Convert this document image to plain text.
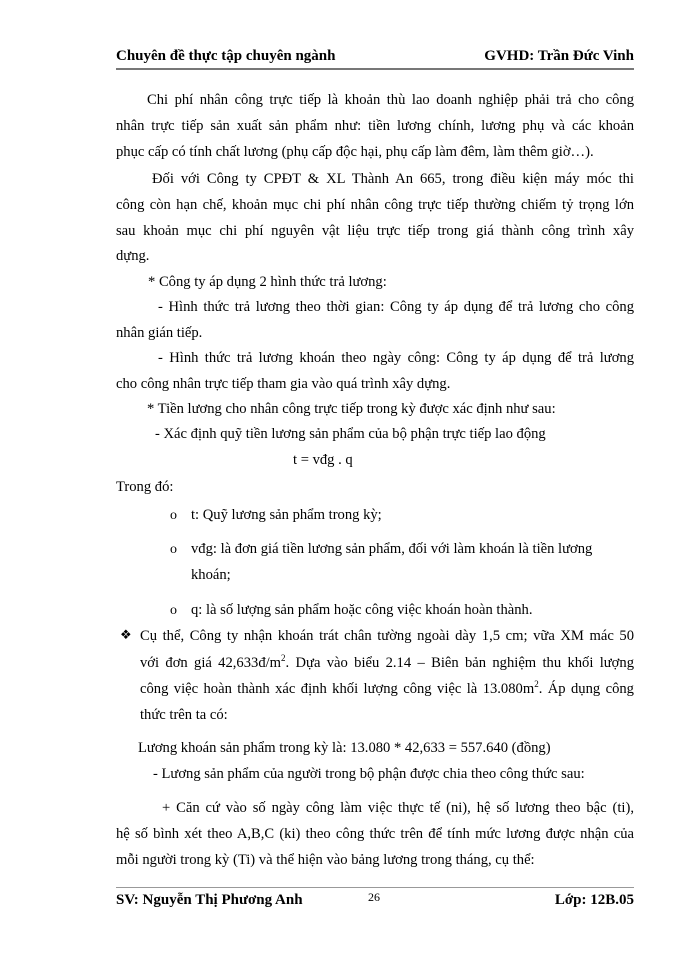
Chuyên đề thực tập chuyên ngành	GVHD: Trần Đức Vinh
Chi phí nhân công trực tiếp là khoản thù lao doanh nghiệp phải trả cho công
nhân trực tiếp sản xuất sản phẩm như: tiền lương chính, lương phụ và các khoản
phục cấp có tính chất lương (phụ cấp độc hại, phụ cấp làm đêm, làm thêm giờ…).
Đối với Công ty CPĐT & XL Thành An 665, trong điều kiện máy móc thi
công còn hạn chế, khoản mục chi phí nhân công trực tiếp thường chiếm tỷ trọng lớn
sau khoản mục chi phí nguyên vật liệu trực tiếp trong giá thành công trình xây
dựng.
* Công ty áp dụng 2 hình thức trả lương:
- Hình thức trả lương theo thời gian: Công ty áp dụng để trả lương cho công
nhân gián tiếp.
- Hình thức trả lương khoán theo ngày công: Công ty áp dụng để trả lương
cho công nhân trực tiếp tham gia vào quá trình xây dựng.
* Tiền lương cho nhân công trực tiếp trong kỳ được xác định như sau:
- Xác định quỹ tiền lương sản phẩm của bộ phận trực tiếp lao động
t = vđg . q
Trong đó:
o t: Quỹ lương sản phẩm trong kỳ;
o vđg: là đơn giá tiền lương sản phẩm, đối với làm khoán là tiền lương
khoán;
o q: là số lượng sản phẩm hoặc công việc khoán hoàn thành.
❖ Cụ thể, Công ty nhận khoán trát chân tường ngoài dày 1,5 cm; vữa XM mác 50
với đơn giá $42,633đ/m^2$. Dựa vào biểu 2.14 – Biên bản nghiệm thu khối lượng
công việc hoàn thành xác định khối lượng công việc là $13.080m^2$. Áp dụng công
thức trên ta có:
Lương khoán sản phẩm trong kỳ là: 13.080 * 42,633 = 557.640 (đồng)
- Lương sản phẩm của người trong bộ phận được chia theo công thức sau:
+ Căn cứ vào số ngày công làm việc thực tế (ni), hệ số lương theo bậc (ti),
hệ số bình xét theo A,B,C (ki) theo công thức trên để tính mức lương được nhận của
mỗi người trong kỳ (Ti) và thể hiện vào bảng lương trong tháng, cụ thể:
SV: Nguyễn Thị Phương Anh	26	Lớp: 12B.05
